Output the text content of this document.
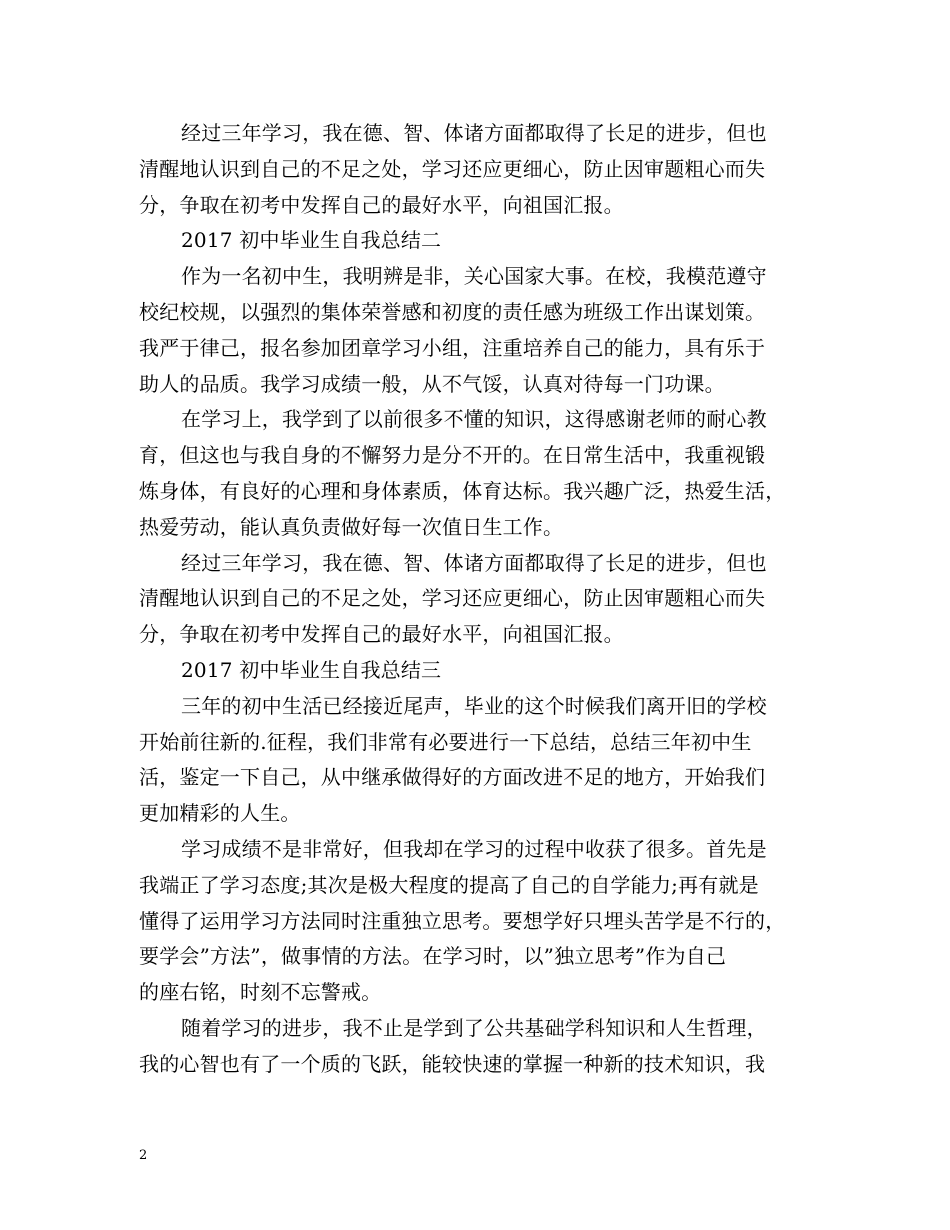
经过三年学习，我在德、智、体诸方面都取得了长足的进步，但也
清醒地认识到自己的不足之处，学习还应更细心，防止因审题粗心而失
分，争取在初考中发挥自己的最好水平，向祖国汇报。
2017 初中毕业生自我总结二
作为一名初中生，我明辨是非，关心国家大事。在校，我模范遵守
校纪校规，以强烈的集体荣誉感和初度的责任感为班级工作出谋划策。
我严于律己，报名参加团章学习小组，注重培养自己的能力，具有乐于
助人的品质。我学习成绩一般，从不气馁，认真对待每一门功课。
在学习上，我学到了以前很多不懂的知识，这得感谢老师的耐心教
育，但这也与我自身的不懈努力是分不开的。在日常生活中，我重视锻
炼身体，有良好的心理和身体素质，体育达标。我兴趣广泛，热爱生活，
热爱劳动，能认真负责做好每一次值日生工作。
经过三年学习，我在德、智、体诸方面都取得了长足的进步，但也
清醒地认识到自己的不足之处，学习还应更细心，防止因审题粗心而失
分，争取在初考中发挥自己的最好水平，向祖国汇报。
2017 初中毕业生自我总结三
三年的初中生活已经接近尾声，毕业的这个时候我们离开旧的学校
开始前往新的.征程，我们非常有必要进行一下总结，总结三年初中生
活，鉴定一下自己，从中继承做得好的方面改进不足的地方，开始我们
更加精彩的人生。
学习成绩不是非常好，但我却在学习的过程中收获了很多。首先是
我端正了学习态度;其次是极大程度的提高了自己的自学能力;再有就是
懂得了运用学习方法同时注重独立思考。要想学好只埋头苦学是不行的，
要学会”方法”，做事情的方法。在学习时，以”独立思考”作为自己
的座右铭，时刻不忘警戒。
随着学习的进步，我不止是学到了公共基础学科知识和人生哲理，
我的心智也有了一个质的飞跃，能较快速的掌握一种新的技术知识，我
2
